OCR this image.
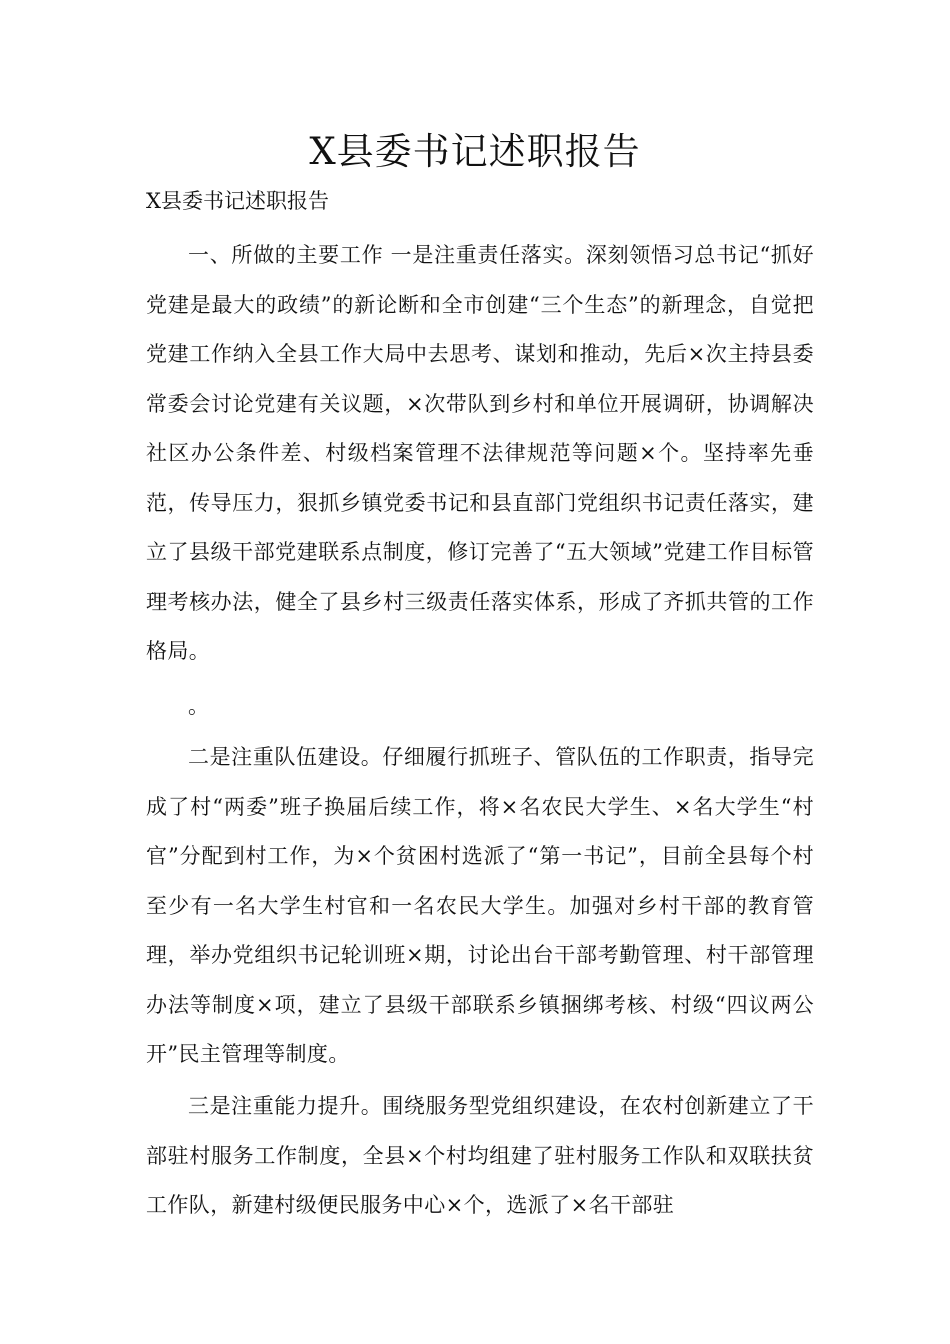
X县委书记述职报告

X县委书记述职报告

一、所做的主要工作 一是注重责任落实。深刻领悟习总书记“抓好党建是最大的政绩”的新论断和全市创建“三个生态”的新理念，自觉把党建工作纳入全县工作大局中去思考、谋划和推动，先后×次主持县委常委会讨论党建有关议题，×次带队到乡村和单位开展调研，协调解决社区办公条件差、村级档案管理不法律规范等问题×个。坚持率先垂范，传导压力，狠抓乡镇党委书记和县直部门党组织书记责任落实，建立了县级干部党建联系点制度，修订完善了“五大领域”党建工作目标管理考核办法，健全了县乡村三级责任落实体系，形成了齐抓共管的工作格局。

。

二是注重队伍建设。仔细履行抓班子、管队伍的工作职责，指导完成了村“两委”班子换届后续工作，将×名农民大学生、×名大学生“村官”分配到村工作，为×个贫困村选派了“第一书记”，目前全县每个村至少有一名大学生村官和一名农民大学生。加强对乡村干部的教育管理，举办党组织书记轮训班×期，讨论出台干部考勤管理、村干部管理办法等制度×项，建立了县级干部联系乡镇捆绑考核、村级“四议两公开”民主管理等制度。

三是注重能力提升。围绕服务型党组织建设，在农村创新建立了干部驻村服务工作制度，全县×个村均组建了驻村服务工作队和双联扶贫工作队，新建村级便民服务中心×个，选派了×名干部驻
